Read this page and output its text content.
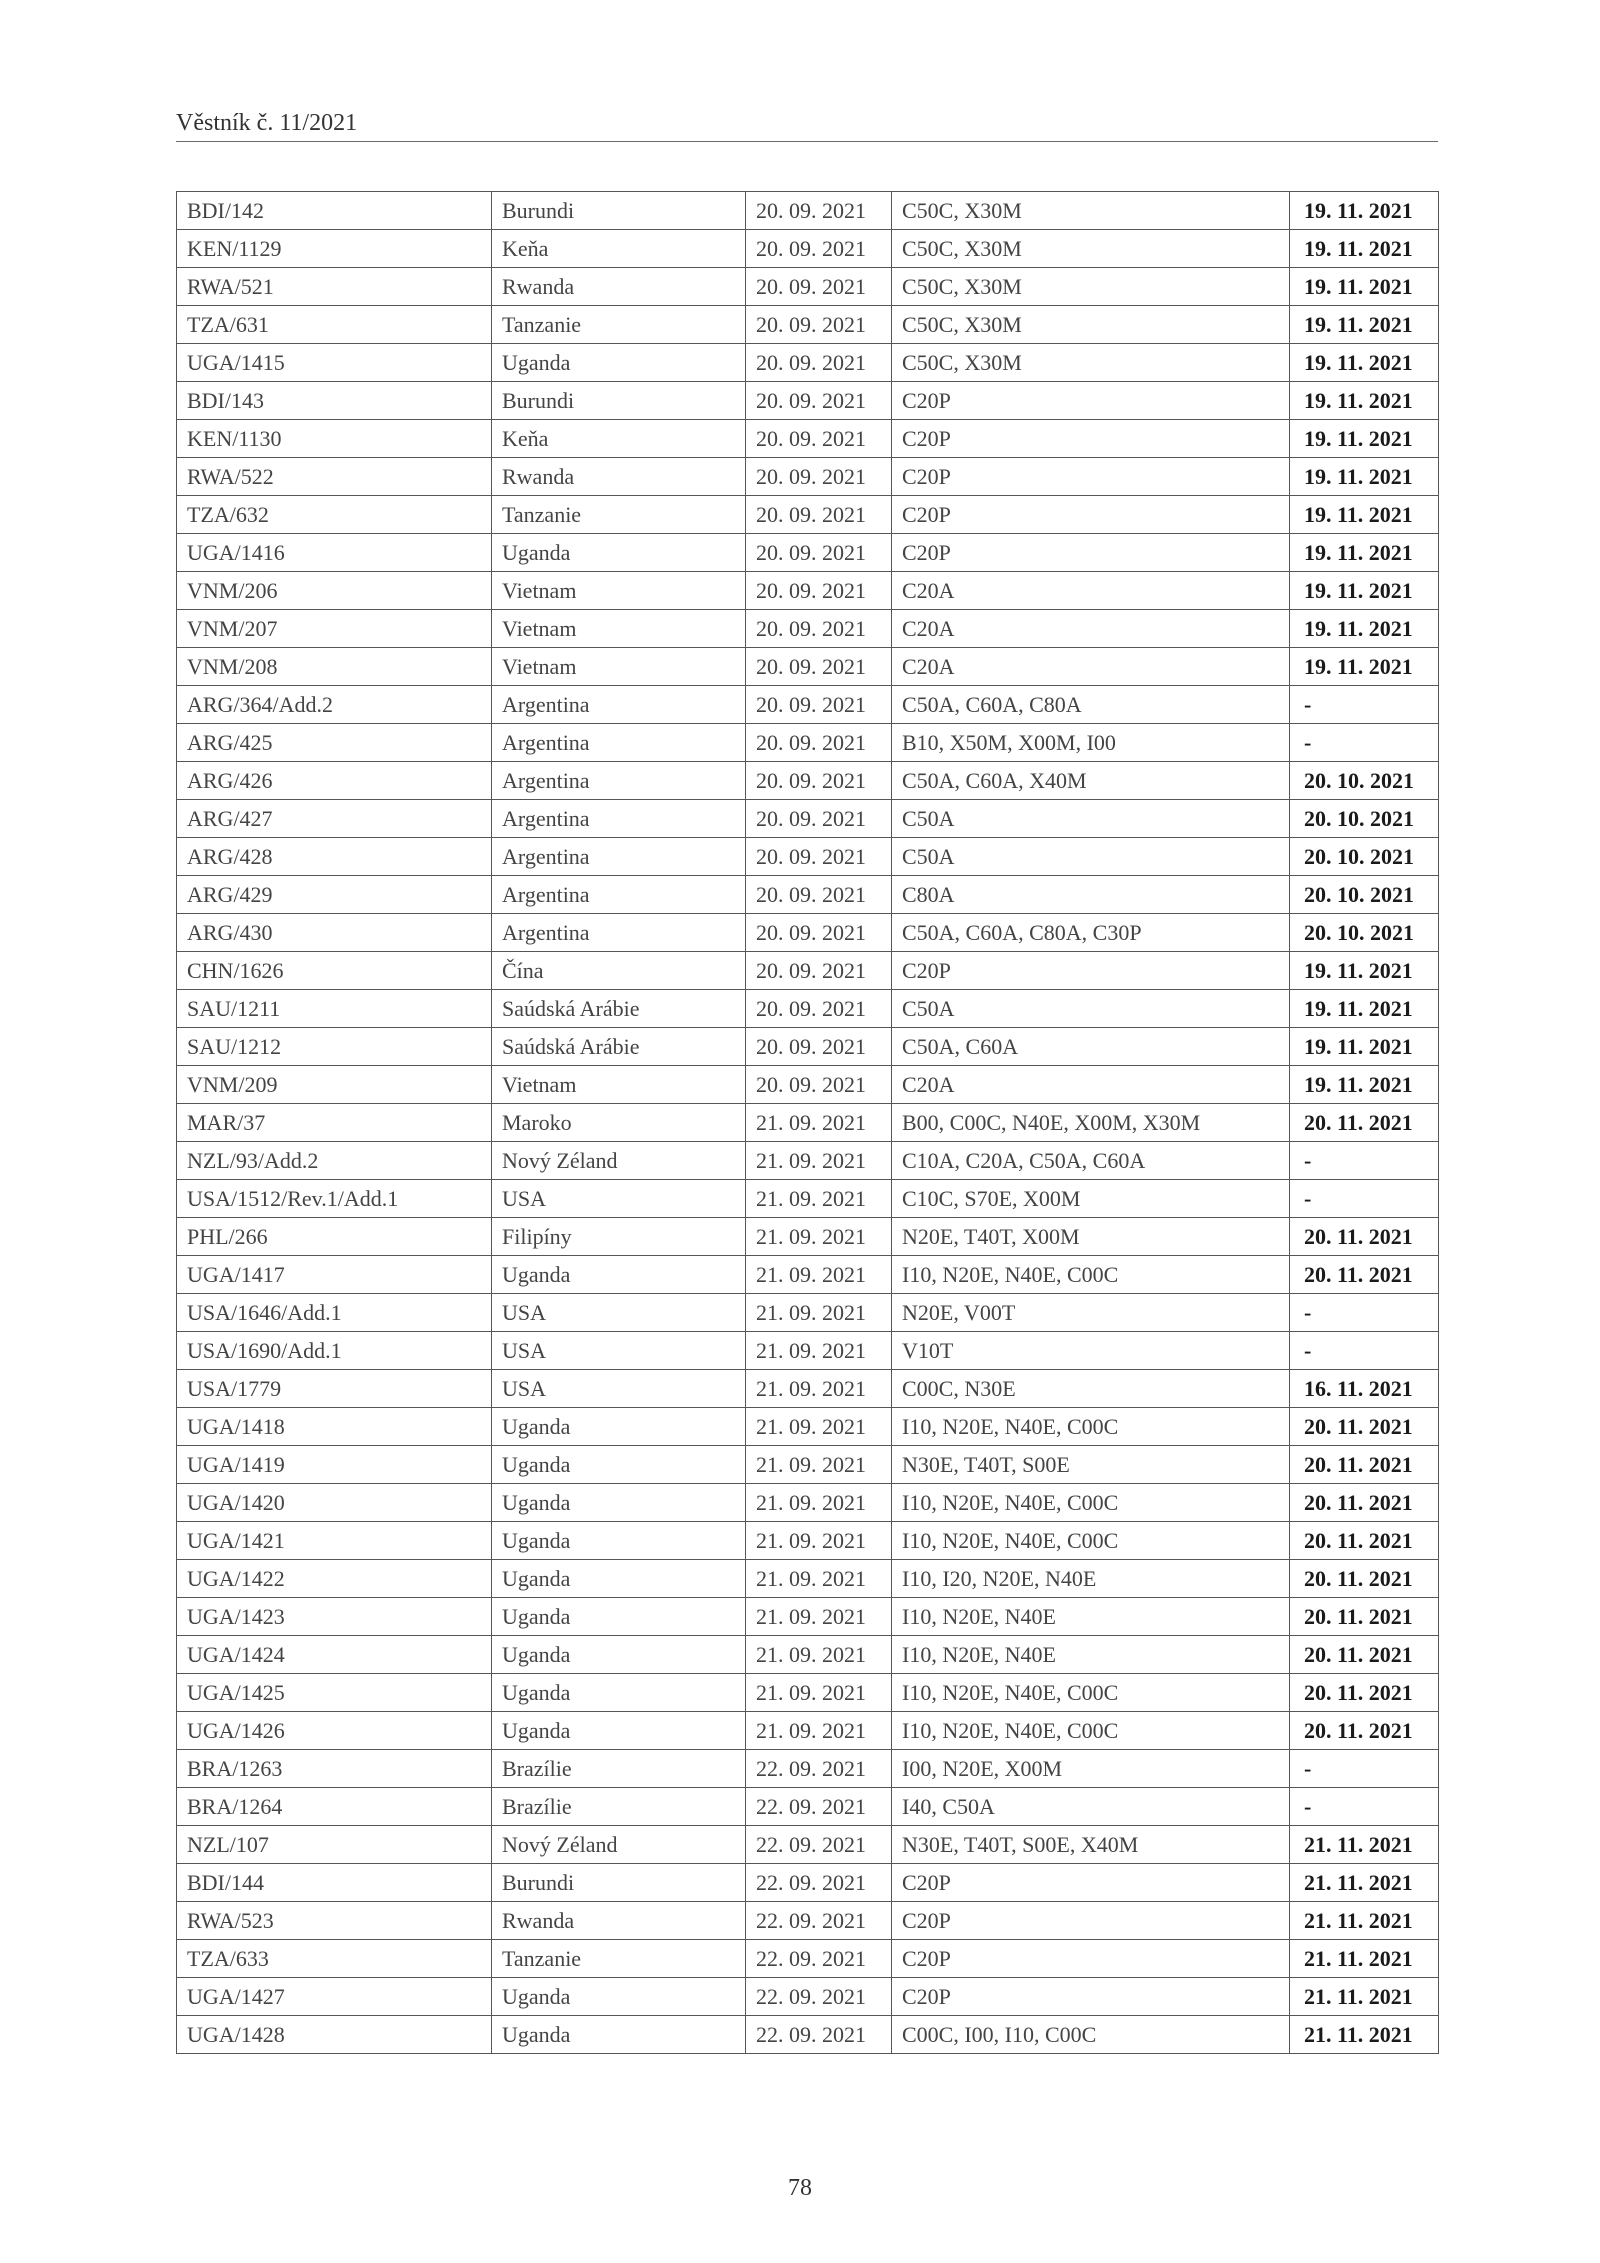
Věstník č. 11/2021
BDI/142	Burundi	20. 09. 2021	C50C, X30M	19. 11. 2021
KEN/1129	Keňa	20. 09. 2021	C50C, X30M	19. 11. 2021
RWA/521	Rwanda	20. 09. 2021	C50C, X30M	19. 11. 2021
TZA/631	Tanzanie	20. 09. 2021	C50C, X30M	19. 11. 2021
UGA/1415	Uganda	20. 09. 2021	C50C, X30M	19. 11. 2021
BDI/143	Burundi	20. 09. 2021	C20P	19. 11. 2021
KEN/1130	Keňa	20. 09. 2021	C20P	19. 11. 2021
RWA/522	Rwanda	20. 09. 2021	C20P	19. 11. 2021
TZA/632	Tanzanie	20. 09. 2021	C20P	19. 11. 2021
UGA/1416	Uganda	20. 09. 2021	C20P	19. 11. 2021
VNM/206	Vietnam	20. 09. 2021	C20A	19. 11. 2021
VNM/207	Vietnam	20. 09. 2021	C20A	19. 11. 2021
VNM/208	Vietnam	20. 09. 2021	C20A	19. 11. 2021
ARG/364/Add.2	Argentina	20. 09. 2021	C50A, C60A, C80A	-
ARG/425	Argentina	20. 09. 2021	B10, X50M, X00M, I00	-
ARG/426	Argentina	20. 09. 2021	C50A, C60A, X40M	20. 10. 2021
ARG/427	Argentina	20. 09. 2021	C50A	20. 10. 2021
ARG/428	Argentina	20. 09. 2021	C50A	20. 10. 2021
ARG/429	Argentina	20. 09. 2021	C80A	20. 10. 2021
ARG/430	Argentina	20. 09. 2021	C50A, C60A, C80A, C30P	20. 10. 2021
CHN/1626	Čína	20. 09. 2021	C20P	19. 11. 2021
SAU/1211	Saúdská Arábie	20. 09. 2021	C50A	19. 11. 2021
SAU/1212	Saúdská Arábie	20. 09. 2021	C50A, C60A	19. 11. 2021
VNM/209	Vietnam	20. 09. 2021	C20A	19. 11. 2021
MAR/37	Maroko	21. 09. 2021	B00, C00C, N40E, X00M, X30M	20. 11. 2021
NZL/93/Add.2	Nový Zéland	21. 09. 2021	C10A, C20A, C50A, C60A	-
USA/1512/Rev.1/Add.1	USA	21. 09. 2021	C10C, S70E, X00M	-
PHL/266	Filipíny	21. 09. 2021	N20E, T40T, X00M	20. 11. 2021
UGA/1417	Uganda	21. 09. 2021	I10, N20E, N40E, C00C	20. 11. 2021
USA/1646/Add.1	USA	21. 09. 2021	N20E, V00T	-
USA/1690/Add.1	USA	21. 09. 2021	V10T	-
USA/1779	USA	21. 09. 2021	C00C, N30E	16. 11. 2021
UGA/1418	Uganda	21. 09. 2021	I10, N20E, N40E, C00C	20. 11. 2021
UGA/1419	Uganda	21. 09. 2021	N30E, T40T, S00E	20. 11. 2021
UGA/1420	Uganda	21. 09. 2021	I10, N20E, N40E, C00C	20. 11. 2021
UGA/1421	Uganda	21. 09. 2021	I10, N20E, N40E, C00C	20. 11. 2021
UGA/1422	Uganda	21. 09. 2021	I10, I20, N20E, N40E	20. 11. 2021
UGA/1423	Uganda	21. 09. 2021	I10, N20E, N40E	20. 11. 2021
UGA/1424	Uganda	21. 09. 2021	I10, N20E, N40E	20. 11. 2021
UGA/1425	Uganda	21. 09. 2021	I10, N20E, N40E, C00C	20. 11. 2021
UGA/1426	Uganda	21. 09. 2021	I10, N20E, N40E, C00C	20. 11. 2021
BRA/1263	Brazílie	22. 09. 2021	I00, N20E, X00M	-
BRA/1264	Brazílie	22. 09. 2021	I40, C50A	-
NZL/107	Nový Zéland	22. 09. 2021	N30E, T40T, S00E, X40M	21. 11. 2021
BDI/144	Burundi	22. 09. 2021	C20P	21. 11. 2021
RWA/523	Rwanda	22. 09. 2021	C20P	21. 11. 2021
TZA/633	Tanzanie	22. 09. 2021	C20P	21. 11. 2021
UGA/1427	Uganda	22. 09. 2021	C20P	21. 11. 2021
UGA/1428	Uganda	22. 09. 2021	C00C, I00, I10, C00C	21. 11. 2021
78
